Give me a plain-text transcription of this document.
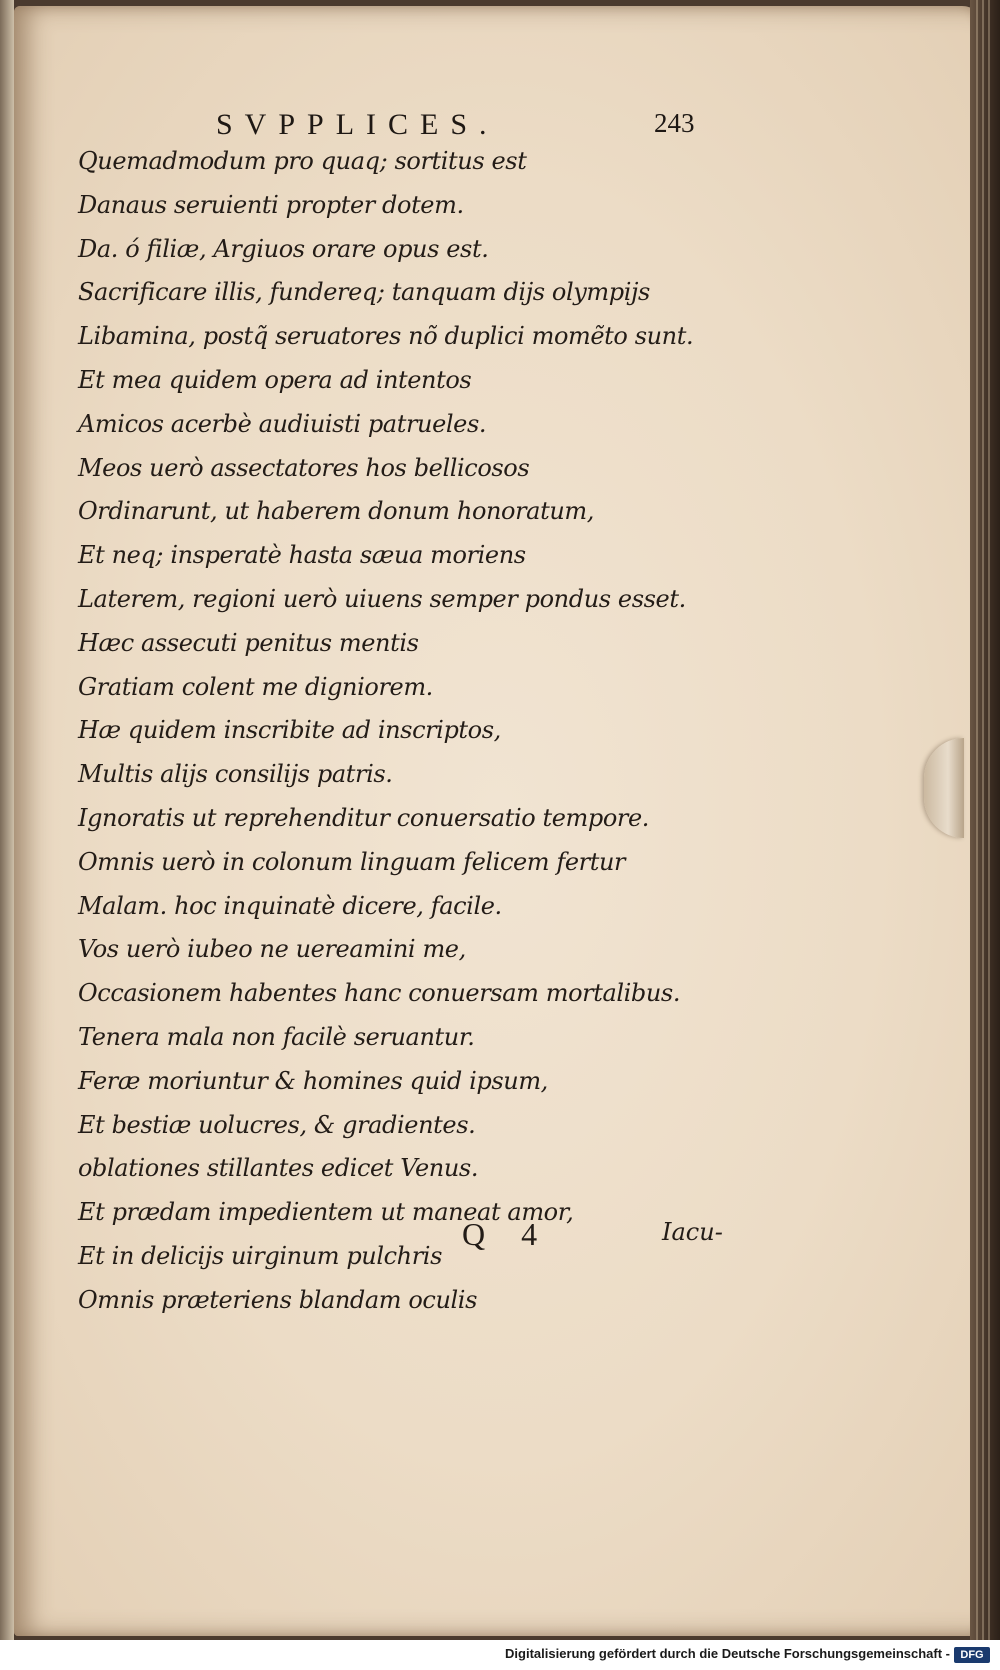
SVPPLICES.	243
Quemadmodum pro quaq; sortitus est
Danaus seruienti propter dotem.
Da. ó filiæ, Argiuos orare opus est.
Sacrificare illis, fundereq; tanquam dijs olympijs
Libamina, postq̃ seruatores nõ duplici momẽto sunt.
Et mea quidem opera ad intentos
Amicos acerbè audiuisti patrueles.
Meos uerò assectatores hos bellicosos
Ordinarunt, ut haberem donum honoratum,
Et neq; insperatè hasta sæua moriens
Laterem, regioni uerò uiuens semper pondus esset.
Hæc assecuti penitus mentis
Gratiam colent me digniorem.
Hæ quidem inscribite ad inscriptos,
Multis alijs consilijs patris.
Ignoratis ut reprehenditur conuersatio tempore.
Omnis uerò in colonum linguam felicem fertur
Malam. hoc inquinatè dicere, facile.
Vos uerò iubeo ne uereamini me,
Occasionem habentes hanc conuersam mortalibus.
Tenera mala non facilè seruantur.
Feræ moriuntur & homines quid ipsum,
Et bestiæ uolucres, & gradientes.
oblationes stillantes edicet Venus.
Et prædam impedientem ut maneat amor,
Et in delicijs uirginum pulchris
Omnis præteriens blandam oculis
Q 4	Iacu-
Digitalisierung gefördert durch die Deutsche Forschungsgemeinschaft - DFG
